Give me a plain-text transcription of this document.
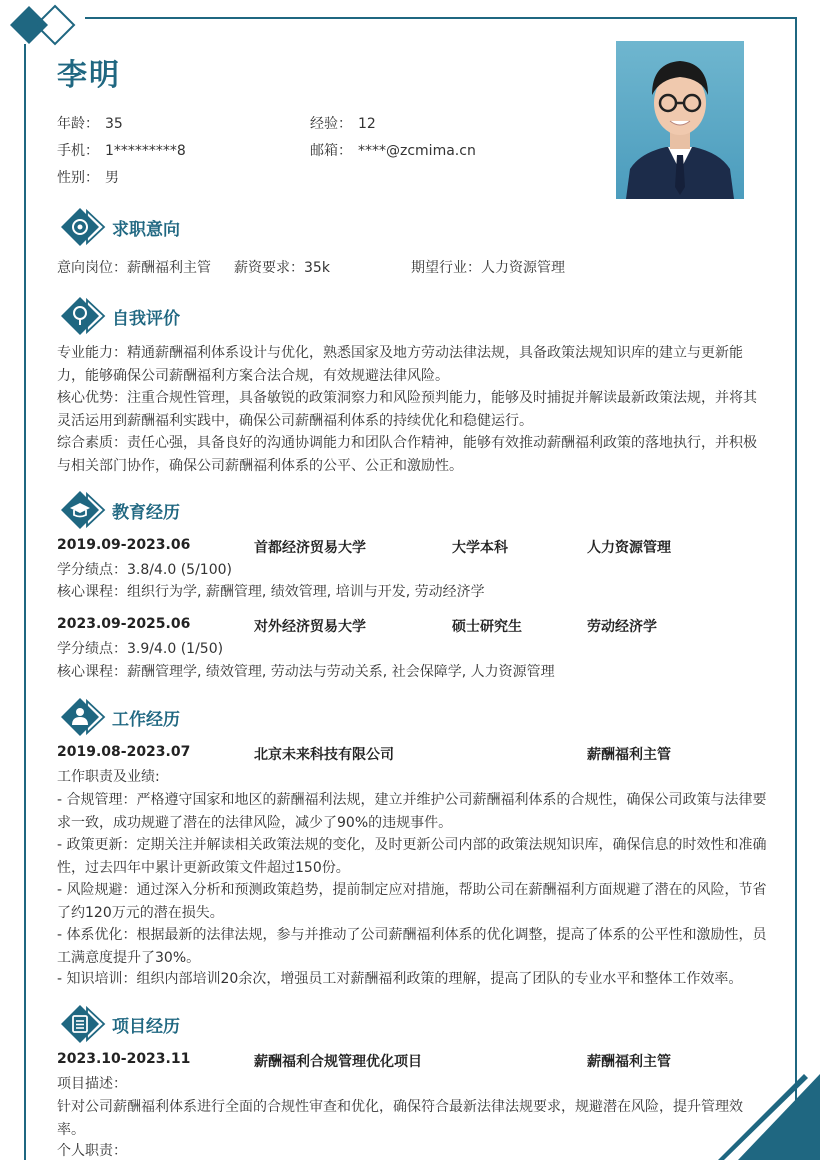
李明
年龄： 35	经验： 12
手机： 1*********8	邮箱： ****@zcmima.cn
性别： 男
求职意向
意向岗位：薪酬福利主管 薪资要求：35k	期望行业：人力资源管理
自我评价
专业能力：精通薪酬福利体系设计与优化，熟悉国家及地方劳动法律法规，具备政策法规知识库的建立与更新能力，能够确保公司薪酬福利方案合法合规，有效规避法律风险。
核心优势：注重合规性管理，具备敏锐的政策洞察力和风险预判能力，能够及时捕捉并解读最新政策法规，并将其灵活运用到薪酬福利实践中，确保公司薪酬福利体系的持续优化和稳健运行。
综合素质：责任心强，具备良好的沟通协调能力和团队合作精神，能够有效推动薪酬福利政策的落地执行，并积极与相关部门协作，确保公司薪酬福利体系的公平、公正和激励性。
教育经历
2019.09-2023.06	首都经济贸易大学	大学本科	人力资源管理
学分绩点：3.8/4.0 (5/100)
核心课程：组织行为学, 薪酬管理, 绩效管理, 培训与开发, 劳动经济学
2023.09-2025.06	对外经济贸易大学	硕士研究生	劳动经济学
学分绩点：3.9/4.0 (1/50)
核心课程：薪酬管理学, 绩效管理, 劳动法与劳动关系, 社会保障学, 人力资源管理
工作经历
2019.08-2023.07	北京未来科技有限公司	薪酬福利主管
工作职责及业绩:
- 合规管理：严格遵守国家和地区的薪酬福利法规，建立并维护公司薪酬福利体系的合规性，确保公司政策与法律要求一致，成功规避了潜在的法律风险，减少了90%的违规事件。
- 政策更新：定期关注并解读相关政策法规的变化，及时更新公司内部的政策法规知识库，确保信息的时效性和准确性，过去四年中累计更新政策文件超过150份。
- 风险规避：通过深入分析和预测政策趋势，提前制定应对措施，帮助公司在薪酬福利方面规避了潜在的风险，节省了约120万元的潜在损失。
- 体系优化：根据最新的法律法规，参与并推动了公司薪酬福利体系的优化调整，提高了体系的公平性和激励性，员工满意度提升了30%。
- 知识培训：组织内部培训20余次，增强员工对薪酬福利政策的理解，提高了团队的专业水平和整体工作效率。
项目经历
2023.10-2023.11	薪酬福利合规管理优化项目	薪酬福利主管
项目描述：
针对公司薪酬福利体系进行全面的合规性审查和优化，确保符合最新法律法规要求，规避潜在风险，提升管理效率。
个人职责：
